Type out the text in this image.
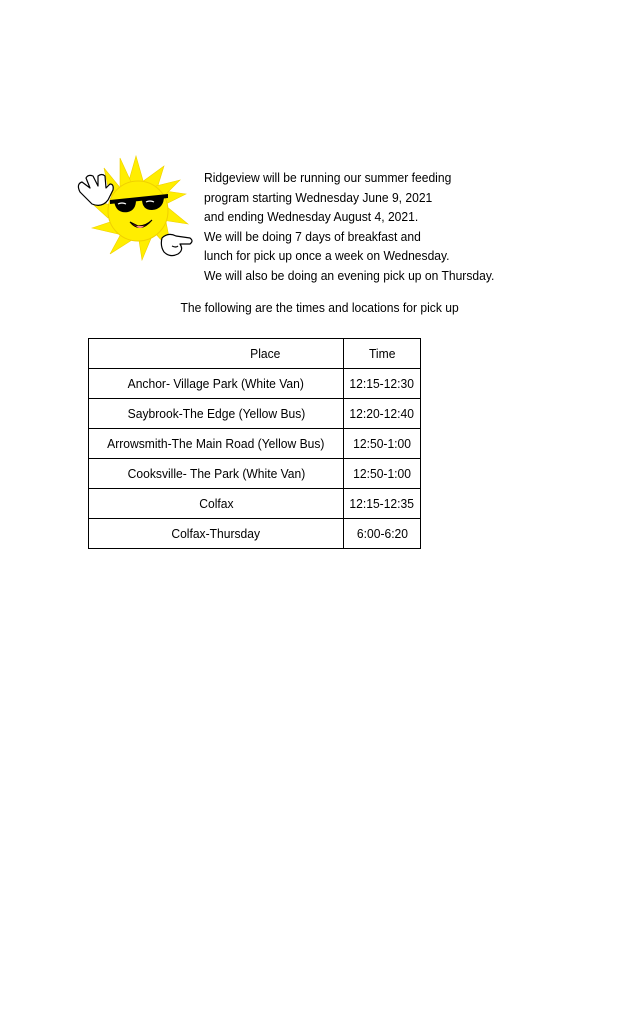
Ridgeview will be running our summer feeding
program starting Wednesday June 9, 2021
and ending Wednesday August 4, 2021.
We will be doing 7 days of breakfast and
lunch for pick up once a week on Wednesday.
We will also be doing an evening pick up on Thursday.
The following are the times and locations for pick up
Place	Time
Anchor- Village Park (White Van)	12:15-12:30
Saybrook-The Edge (Yellow Bus)	12:20-12:40
Arrowsmith-The Main Road (Yellow Bus)	12:50-1:00
Cooksville- The Park (White Van)	12:50-1:00
Colfax	12:15-12:35
Colfax-Thursday	6:00-6:20
